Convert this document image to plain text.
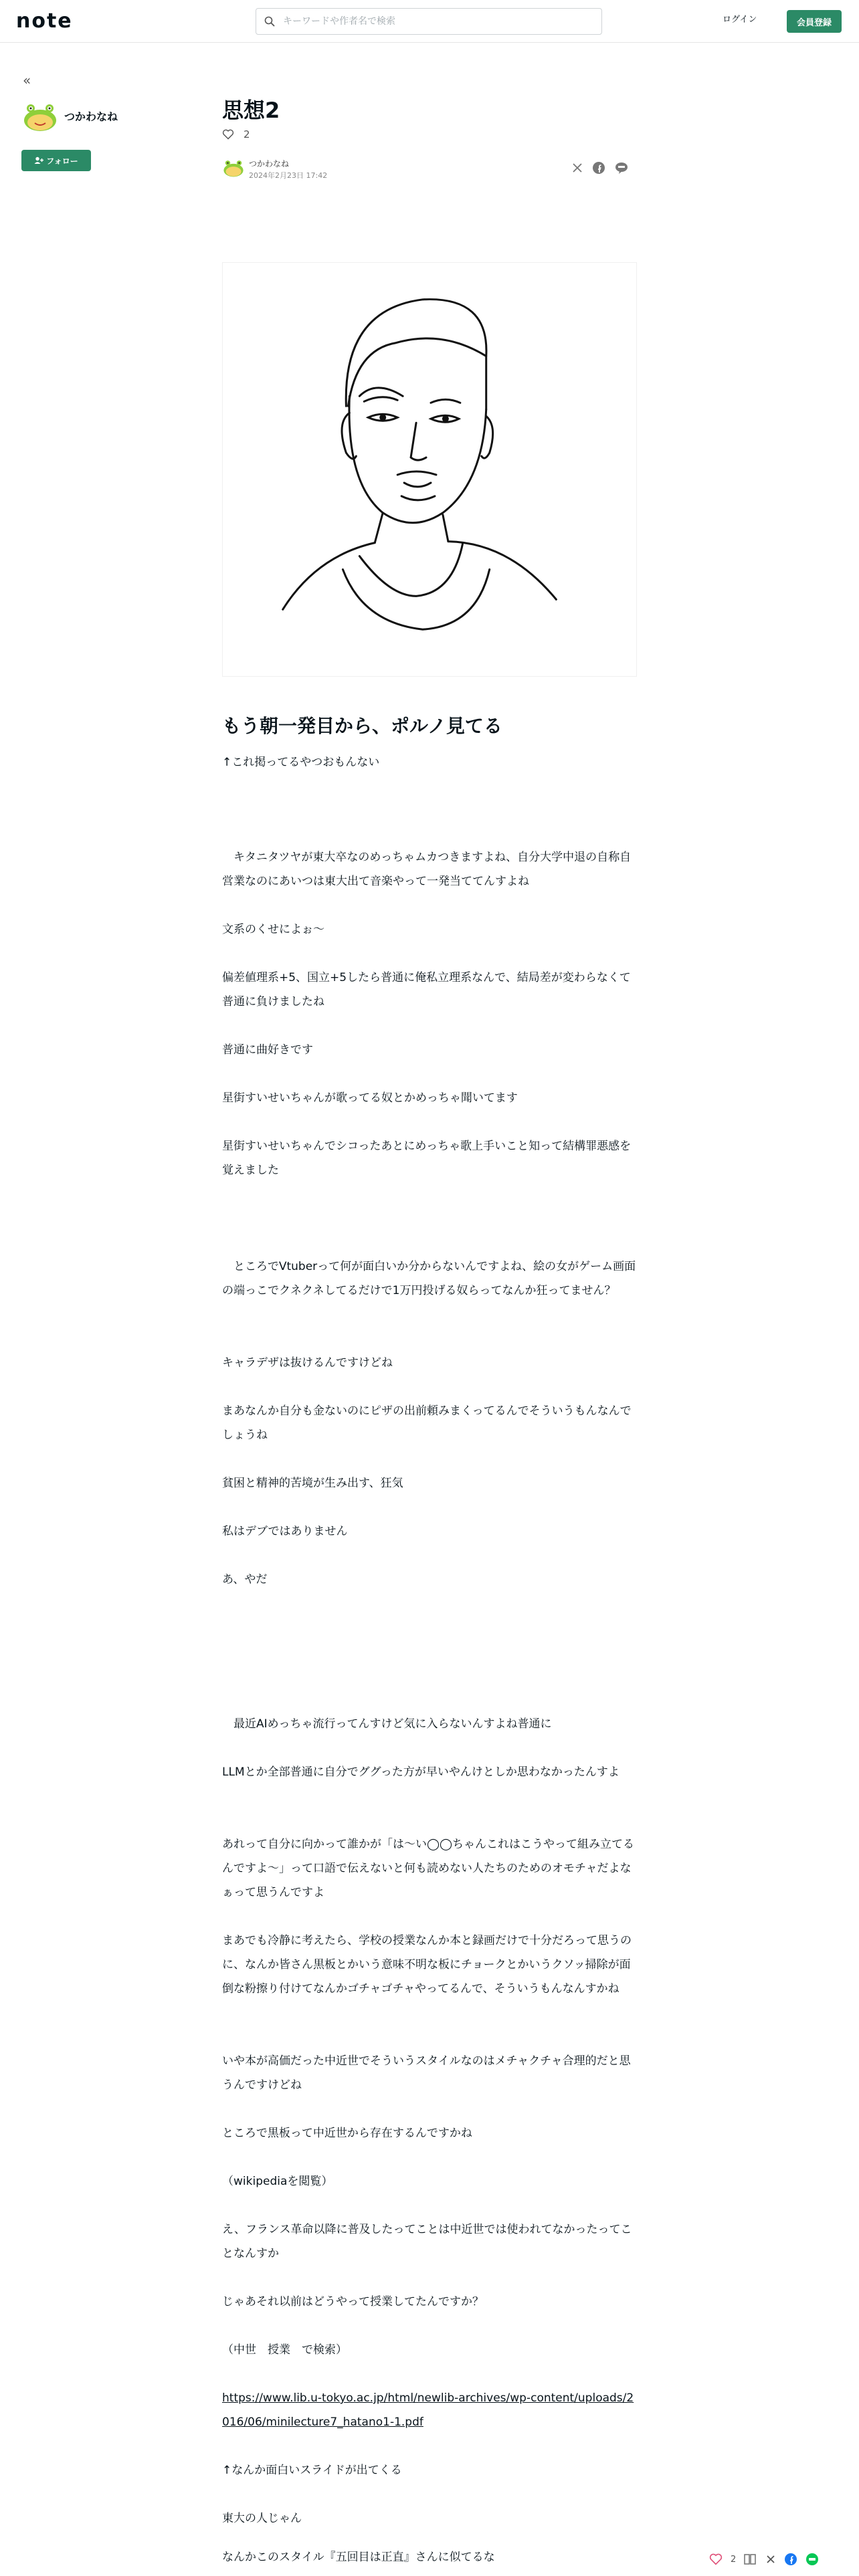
note
キーワードや作者名で検索	ログイン	会員登録
«
つかわなね
フォロー
思想2
2
つかわなね
2024年2月23日 17:42
もう朝一発目から、ポルノ見てる
↑これ掲ってるやつおもんない
　キタニタツヤが東大卒なのめっちゃムカつきますよね、自分大学中退の自称自営業なのにあいつは東大出て音楽やって一発当ててんすよね
文系のくせによぉ〜
偏差値理系+5、国立+5したら普通に俺私立理系なんで、結局差が変わらなくて普通に負けましたね
普通に曲好きです
星街すいせいちゃんが歌ってる奴とかめっちゃ聞いてます
星街すいせいちゃんでシコったあとにめっちゃ歌上手いこと知って結構罪悪感を覚えました
　ところでVtuberって何が面白いか分からないんですよね、絵の女がゲーム画面の端っこでクネクネしてるだけで1万円投げる奴らってなんか狂ってません？
キャラデザは抜けるんですけどね
まあなんか自分も金ないのにピザの出前頼みまくってるんでそういうもんなんでしょうね
貧困と精神的苦境が生み出す、狂気
私はデブではありません
あ、やだ
　最近AIめっちゃ流行ってんすけど気に入らないんすよね普通に
LLMとか全部普通に自分でググった方が早いやんけとしか思わなかったんすよ
あれって自分に向かって誰かが「は〜い◯◯ちゃんこれはこうやって組み立てるんですよ〜」って口語で伝えないと何も読めない人たちのためのオモチャだよなぁって思うんですよ
まあでも冷静に考えたら、学校の授業なんか本と録画だけで十分だろって思うのに、なんか皆さん黒板とかいう意味不明な板にチョークとかいうクソッ掃除が面倒な粉擦り付けてなんかゴチャゴチャやってるんで、そういうもんなんすかね
いや本が高価だった中近世でそういうスタイルなのはメチャクチャ合理的だと思うんですけどね
ところで黒板って中近世から存在するんですかね
（wikipediaを閲覧）
え、フランス革命以降に普及したってことは中近世では使われてなかったってことなんすか
じゃあそれ以前はどうやって授業してたんですか？
（中世　授業　で検索）
https://www.lib.u-tokyo.ac.jp/html/newlib-archives/wp-content/uploads/2016/06/minilecture7_hatano1-1.pdf
↑なんか面白いスライドが出てくる
東大の人じゃん
なんかこのスタイル『五回目は正直』さんに似てるな	2
